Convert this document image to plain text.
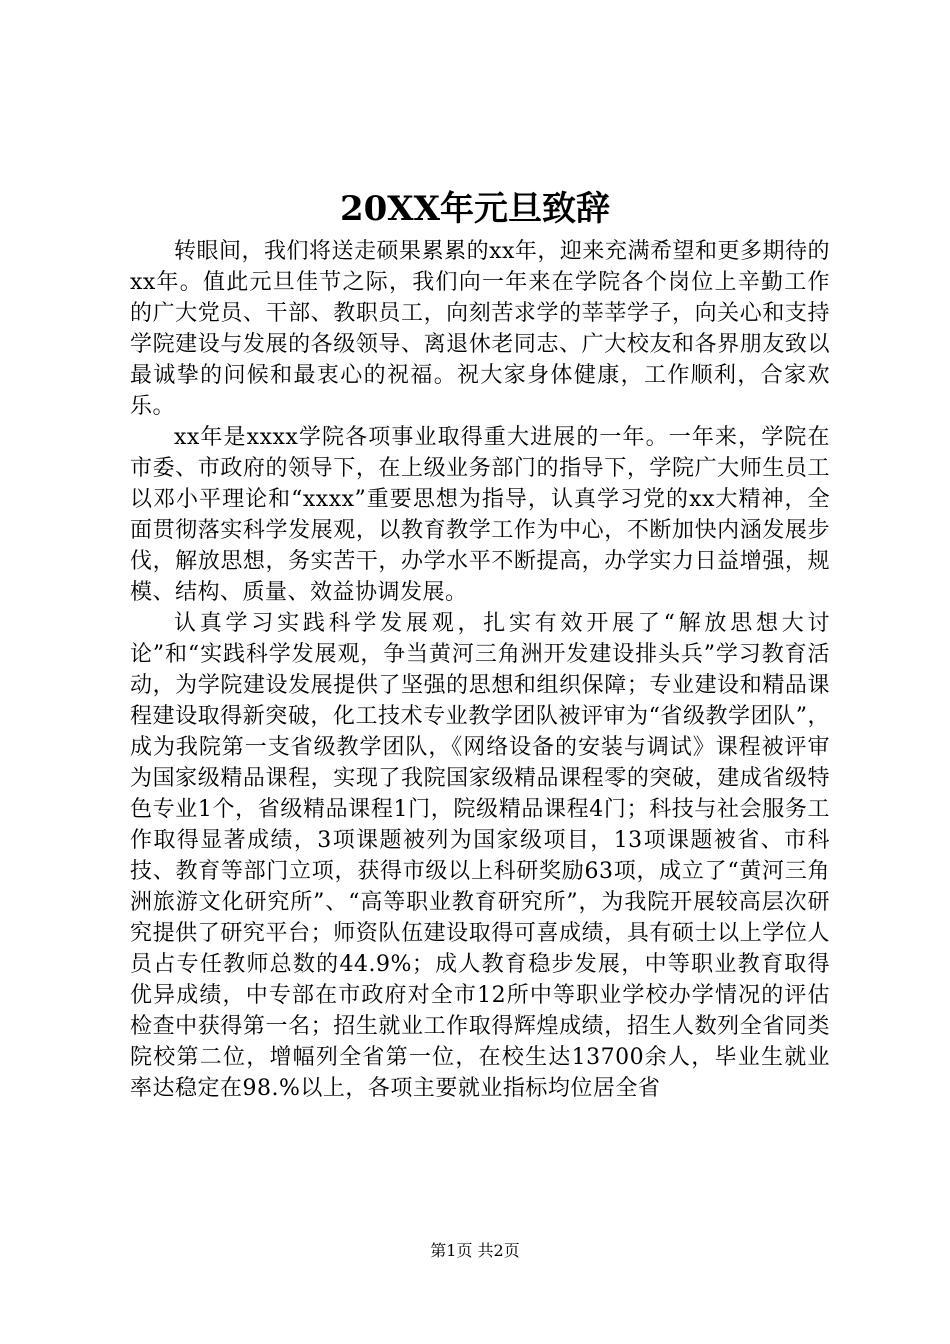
20XX年元旦致辞

转眼间，我们将送走硕果累累的xx年，迎来充满希望和更多期待的xx年。值此元旦佳节之际，我们向一年来在学院各个岗位上辛勤工作的广大党员、干部、教职员工，向刻苦求学的莘莘学子，向关心和支持学院建设与发展的各级领导、离退休老同志、广大校友和各界朋友致以最诚挚的问候和最衷心的祝福。祝大家身体健康，工作顺利，合家欢乐。

xx年是xxxx学院各项事业取得重大进展的一年。一年来，学院在市委、市政府的领导下，在上级业务部门的指导下，学院广大师生员工以邓小平理论和“xxxx”重要思想为指导，认真学习党的xx大精神，全面贯彻落实科学发展观，以教育教学工作为中心，不断加快内涵发展步伐，解放思想，务实苦干，办学水平不断提高，办学实力日益增强，规模、结构、质量、效益协调发展。

认真学习实践科学发展观，扎实有效开展了“解放思想大讨论”和“实践科学发展观，争当黄河三角洲开发建设排头兵”学习教育活动，为学院建设发展提供了坚强的思想和组织保障；专业建设和精品课程建设取得新突破，化工技术专业教学团队被评审为“省级教学团队”，成为我院第一支省级教学团队，《网络设备的安装与调试》课程被评审为国家级精品课程，实现了我院国家级精品课程零的突破，建成省级特色专业1个，省级精品课程1门，院级精品课程4门；科技与社会服务工作取得显著成绩，3项课题被列为国家级项目，13项课题被省、市科技、教育等部门立项，获得市级以上科研奖励63项，成立了“黄河三角洲旅游文化研究所”、“高等职业教育研究所”，为我院开展较高层次研究提供了研究平台；师资队伍建设取得可喜成绩，具有硕士以上学位人员占专任教师总数的44.9%；成人教育稳步发展，中等职业教育取得优异成绩，中专部在市政府对全市12所中等职业学校办学情况的评估检查中获得第一名；招生就业工作取得辉煌成绩，招生人数列全省同类院校第二位，增幅列全省第一位，在校生达13700余人，毕业生就业率达稳定在98.%以上，各项主要就业指标均位居全省

第1页 共2页
